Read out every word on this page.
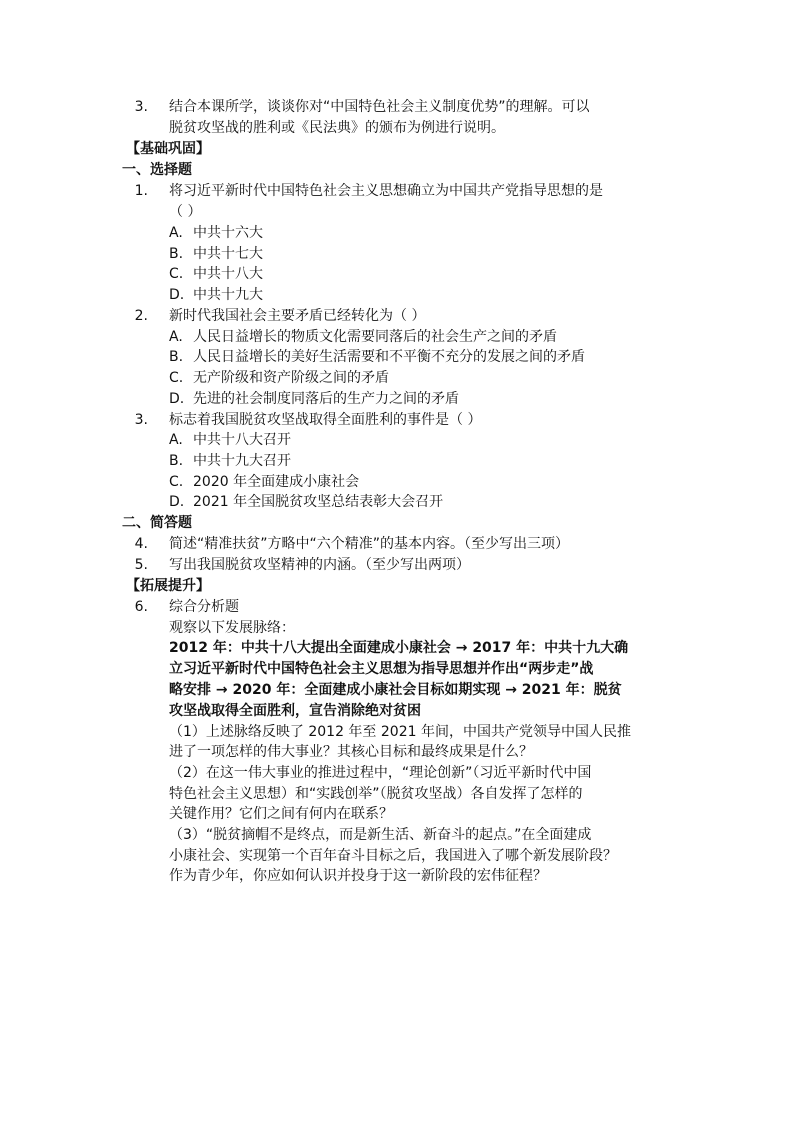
3. 结合本课所学，谈谈你对“中国特色社会主义制度优势”的理解。可以
脱贫攻坚战的胜利或《民法典》的颁布为例进行说明。
【基础巩固】
一、选择题
1. 将习近平新时代中国特色社会主义思想确立为中国共产党指导思想的是
（ ）
A. 中共十六大
B. 中共十七大
C. 中共十八大
D. 中共十九大
2. 新时代我国社会主要矛盾已经转化为（ ）
A. 人民日益增长的物质文化需要同落后的社会生产之间的矛盾
B. 人民日益增长的美好生活需要和不平衡不充分的发展之间的矛盾
C. 无产阶级和资产阶级之间的矛盾
D. 先进的社会制度同落后的生产力之间的矛盾
3. 标志着我国脱贫攻坚战取得全面胜利的事件是（ ）
A. 中共十八大召开
B. 中共十九大召开
C. 2020 年全面建成小康社会
D. 2021 年全国脱贫攻坚总结表彰大会召开
二、简答题
4. 简述“精准扶贫”方略中“六个精准”的基本内容。（至少写出三项）
5. 写出我国脱贫攻坚精神的内涵。（至少写出两项）
【拓展提升】
6. 综合分析题
观察以下发展脉络：
2012 年：中共十八大提出全面建成小康社会 → 2017 年：中共十九大确
立习近平新时代中国特色社会主义思想为指导思想并作出“两步走”战
略安排 → 2020 年：全面建成小康社会目标如期实现 → 2021 年：脱贫
攻坚战取得全面胜利，宣告消除绝对贫困
（1）上述脉络反映了 2012 年至 2021 年间，中国共产党领导中国人民推
进了一项怎样的伟大事业？其核心目标和最终成果是什么？
（2）在这一伟大事业的推进过程中，“理论创新”（习近平新时代中国
特色社会主义思想）和“实践创举”（脱贫攻坚战）各自发挥了怎样的
关键作用？它们之间有何内在联系？
（3）“脱贫摘帽不是终点，而是新生活、新奋斗的起点。”在全面建成
小康社会、实现第一个百年奋斗目标之后，我国进入了哪个新发展阶段？
作为青少年，你应如何认识并投身于这一新阶段的宏伟征程？
